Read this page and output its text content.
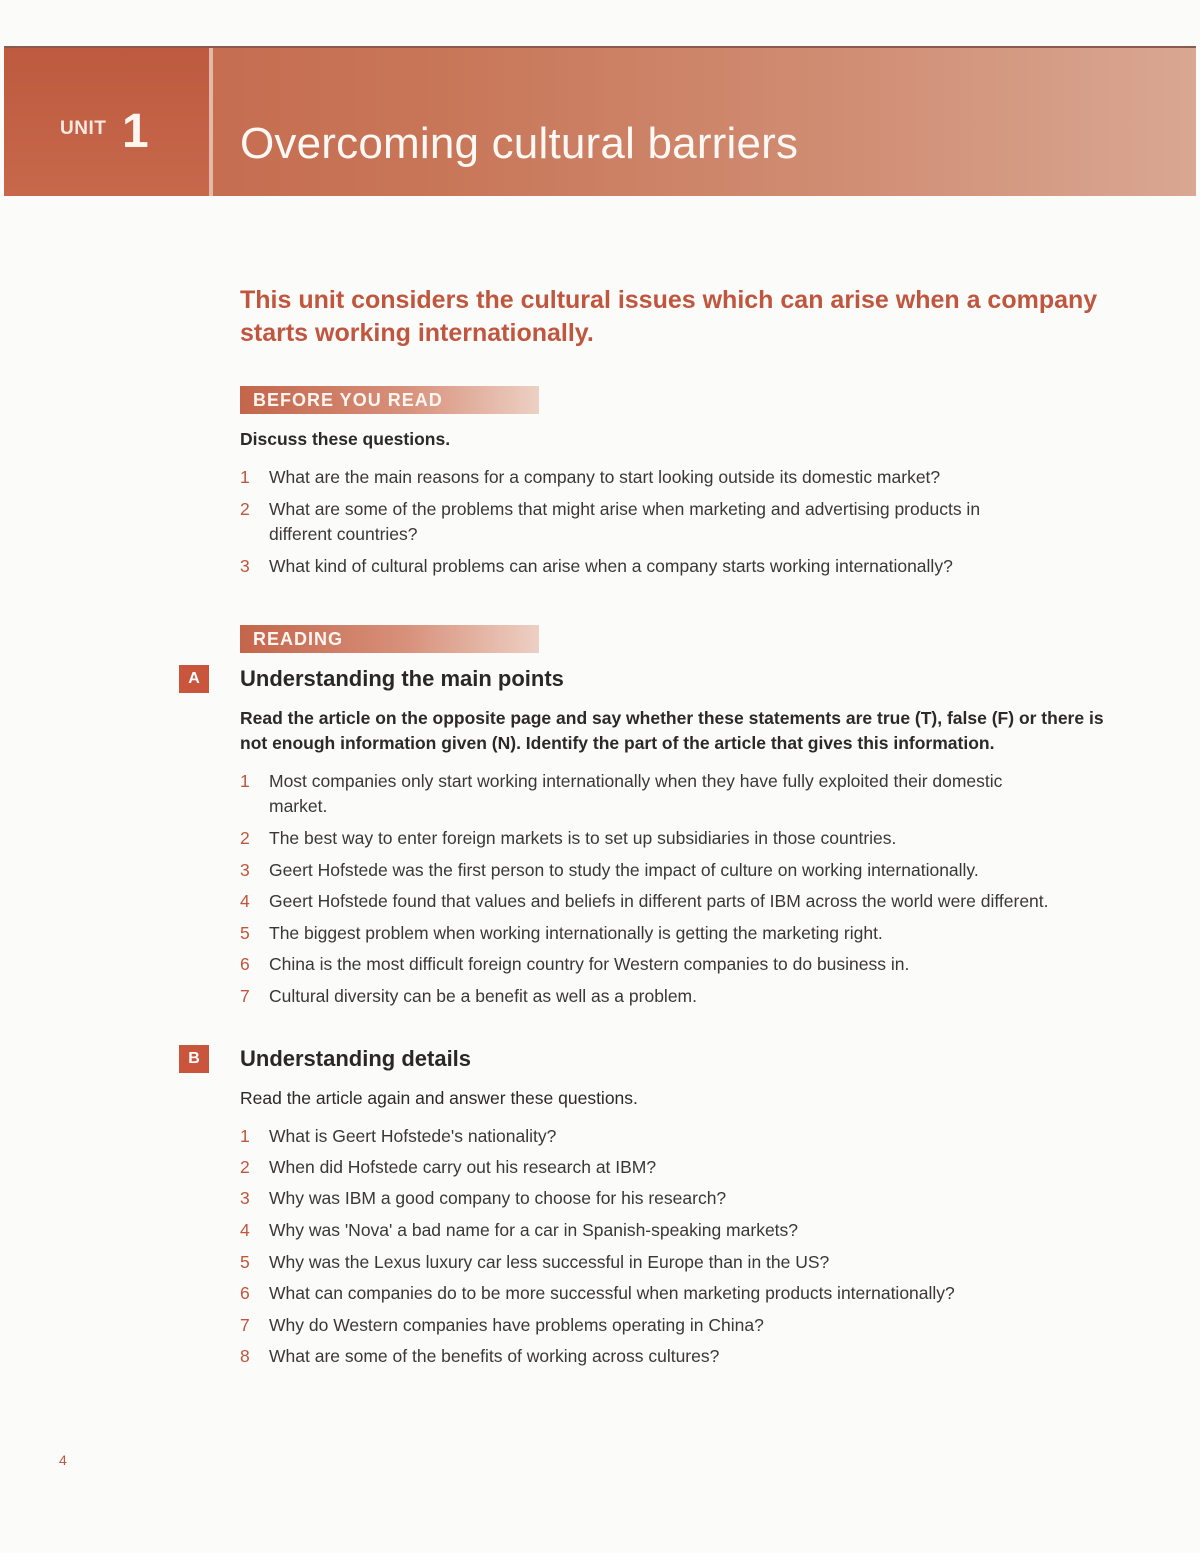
UNIT 1 Overcoming cultural barriers
This unit considers the cultural issues which can arise when a company starts working internationally.
BEFORE YOU READ
Discuss these questions.
1	What are the main reasons for a company to start looking outside its domestic market?
2	What are some of the problems that might arise when marketing and advertising products in different countries?
3	What kind of cultural problems can arise when a company starts working internationally?
READING
A	Understanding the main points
Read the article on the opposite page and say whether these statements are true (T), false (F) or there is not enough information given (N). Identify the part of the article that gives this information.
1	Most companies only start working internationally when they have fully exploited their domestic market.
2	The best way to enter foreign markets is to set up subsidiaries in those countries.
3	Geert Hofstede was the first person to study the impact of culture on working internationally.
4	Geert Hofstede found that values and beliefs in different parts of IBM across the world were different.
5	The biggest problem when working internationally is getting the marketing right.
6	China is the most difficult foreign country for Western companies to do business in.
7	Cultural diversity can be a benefit as well as a problem.
B	Understanding details
Read the article again and answer these questions.
1	What is Geert Hofstede's nationality?
2	When did Hofstede carry out his research at IBM?
3	Why was IBM a good company to choose for his research?
4	Why was 'Nova' a bad name for a car in Spanish-speaking markets?
5	Why was the Lexus luxury car less successful in Europe than in the US?
6	What can companies do to be more successful when marketing products internationally?
7	Why do Western companies have problems operating in China?
8	What are some of the benefits of working across cultures?
4
